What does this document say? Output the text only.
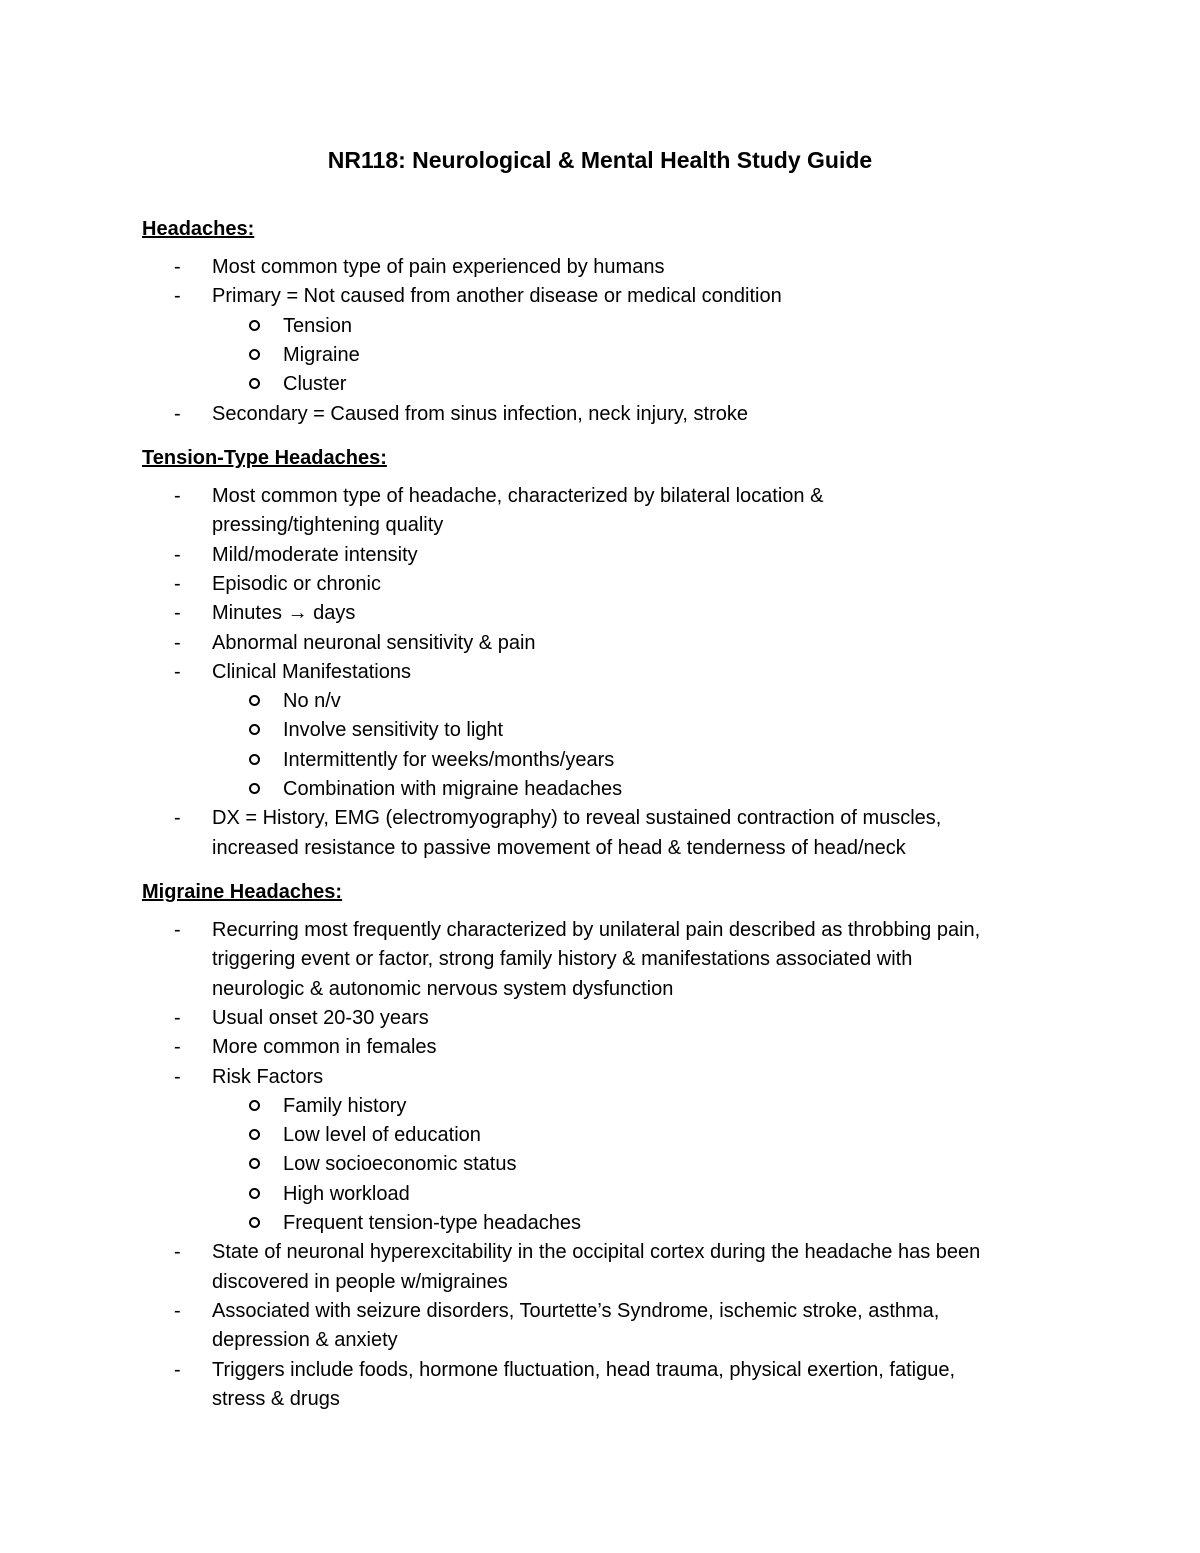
NR118: Neurological & Mental Health Study Guide
Headaches:
-	Most common type of pain experienced by humans
-	Primary = Not caused from another disease or medical condition
Tension
Migraine
Cluster
-	Secondary = Caused from sinus infection, neck injury, stroke
Tension-Type Headaches:
-	Most common type of headache, characterized by bilateral location &
pressing/tightening quality
-	Mild/moderate intensity
-	Episodic or chronic
-	Minutes → days
-	Abnormal neuronal sensitivity & pain
-	Clinical Manifestations
No n/v
Involve sensitivity to light
Intermittently for weeks/months/years
Combination with migraine headaches
-	DX = History, EMG (electromyography) to reveal sustained contraction of muscles,
increased resistance to passive movement of head & tenderness of head/neck
Migraine Headaches:
-	Recurring most frequently characterized by unilateral pain described as throbbing pain,
triggering event or factor, strong family history & manifestations associated with
neurologic & autonomic nervous system dysfunction
-	Usual onset 20-30 years
-	More common in females
-	Risk Factors
Family history
Low level of education
Low socioeconomic status
High workload
Frequent tension-type headaches
-	State of neuronal hyperexcitability in the occipital cortex during the headache has been
discovered in people w/migraines
-	Associated with seizure disorders, Tourtette’s Syndrome, ischemic stroke, asthma,
depression & anxiety
-	Triggers include foods, hormone fluctuation, head trauma, physical exertion, fatigue,
stress & drugs
